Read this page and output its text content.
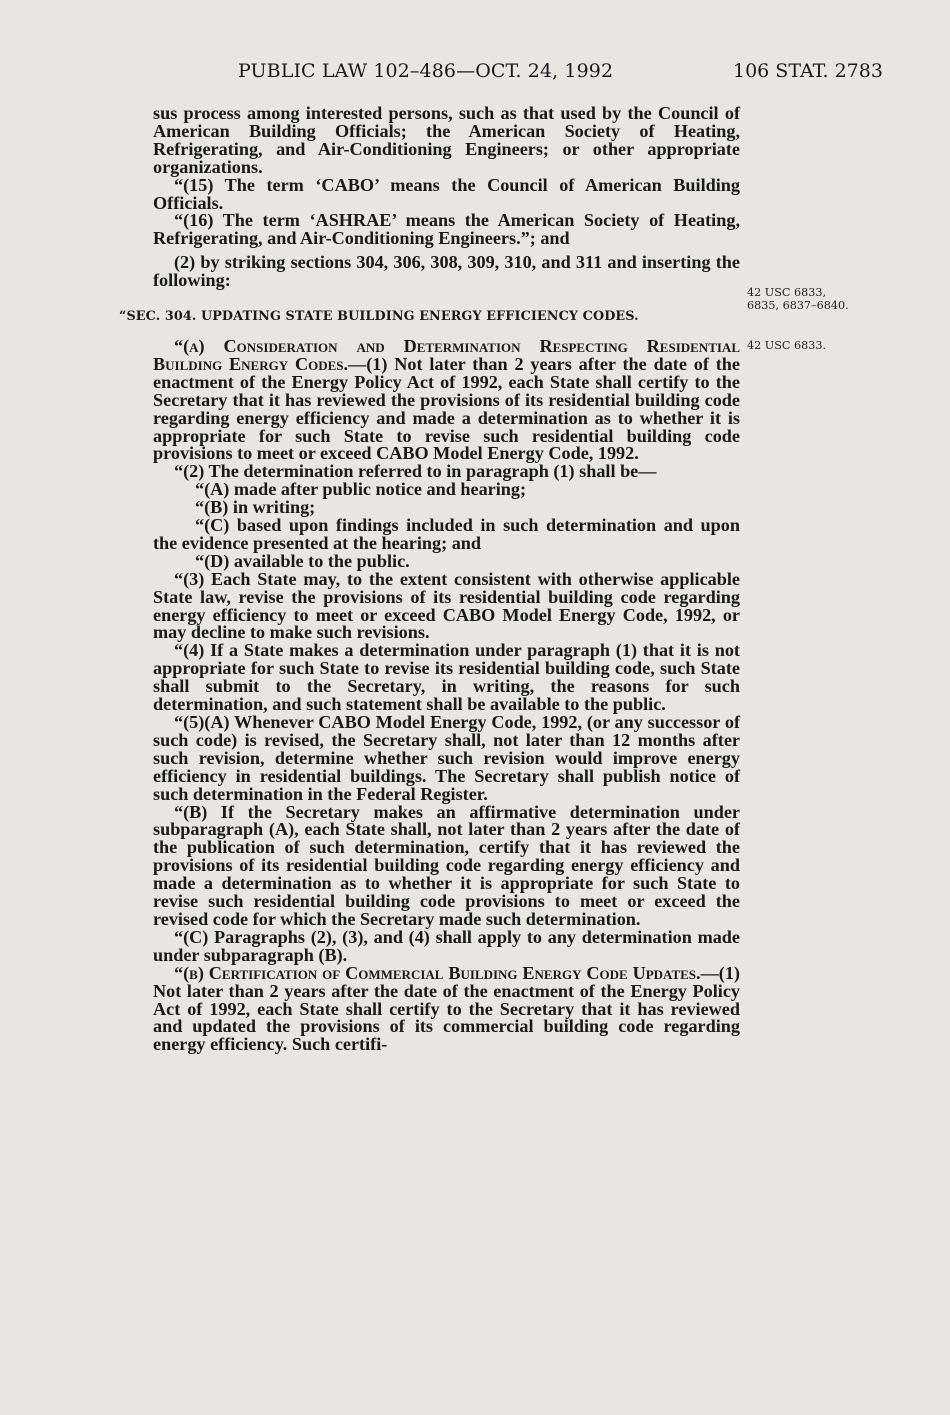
PUBLIC LAW 102–486—OCT. 24, 1992	106 STAT. 2783
42 USC 6833,
6835, 6837–6840.
42 USC 6833.

sus process among interested persons, such as that used by the Council of American Building Officials; the American Society of Heating, Refrigerating, and Air-Conditioning Engineers; or other appropriate organizations.

“(15) The term ‘CABO’ means the Council of American Building Officials.

“(16) The term ‘ASHRAE’ means the American Society of Heating, Refrigerating, and Air-Conditioning Engineers.”; and

(2) by striking sections 304, 306, 308, 309, 310, and 311 and inserting the following:

“SEC. 304. UPDATING STATE BUILDING ENERGY EFFICIENCY CODES.

“(a) Consideration and Determination Respecting Residential Building Energy Codes.—(1) Not later than 2 years after the date of the enactment of the Energy Policy Act of 1992, each State shall certify to the Secretary that it has reviewed the provisions of its residential building code regarding energy efficiency and made a determination as to whether it is appropriate for such State to revise such residential building code provisions to meet or exceed CABO Model Energy Code, 1992.

“(2) The determination referred to in paragraph (1) shall be—

“(A) made after public notice and hearing;

“(B) in writing;

“(C) based upon findings included in such determination and upon the evidence presented at the hearing; and

“(D) available to the public.

“(3) Each State may, to the extent consistent with otherwise applicable State law, revise the provisions of its residential building code regarding energy efficiency to meet or exceed CABO Model Energy Code, 1992, or may decline to make such revisions.

“(4) If a State makes a determination under paragraph (1) that it is not appropriate for such State to revise its residential building code, such State shall submit to the Secretary, in writing, the reasons for such determination, and such statement shall be available to the public.

“(5)(A) Whenever CABO Model Energy Code, 1992, (or any successor of such code) is revised, the Secretary shall, not later than 12 months after such revision, determine whether such revision would improve energy efficiency in residential buildings. The Secretary shall publish notice of such determination in the Federal Register.

“(B) If the Secretary makes an affirmative determination under subparagraph (A), each State shall, not later than 2 years after the date of the publication of such determination, certify that it has reviewed the provisions of its residential building code regarding energy efficiency and made a determination as to whether it is appropriate for such State to revise such residential building code provisions to meet or exceed the revised code for which the Secretary made such determination.

“(C) Paragraphs (2), (3), and (4) shall apply to any determination made under subparagraph (B).

“(b) Certification of Commercial Building Energy Code Updates.—(1) Not later than 2 years after the date of the enactment of the Energy Policy Act of 1992, each State shall certify to the Secretary that it has reviewed and updated the provisions of its commercial building code regarding energy efficiency. Such certifi-
